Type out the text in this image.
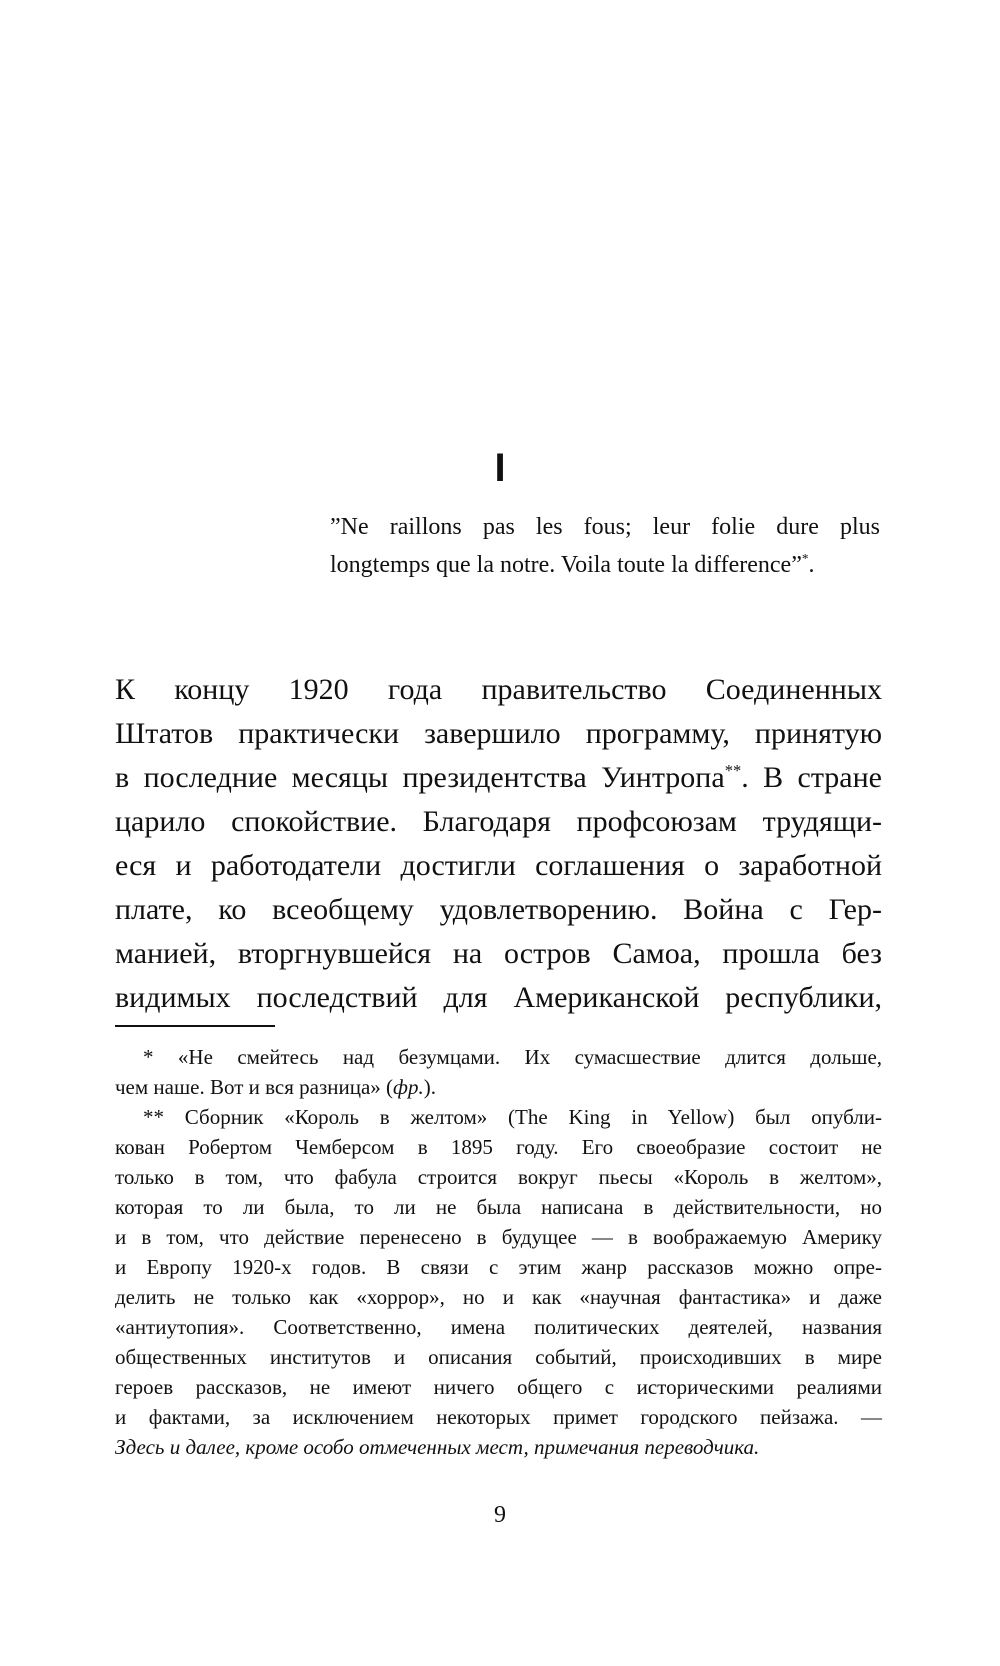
I
”Ne raillons pas les fous; leur folie dure plus
longtemps que la notre. Voila toute la difference”*.
К концу 1920 года правительство Соединенных
Штатов практически завершило программу, принятую
в последние месяцы президентства Уинтропа**. В стране
царило спокойствие. Благодаря профсоюзам трудящи-
еся и работодатели достигли соглашения о заработной
плате, ко всеобщему удовлетворению. Война с Гер-
манией, вторгнувшейся на остров Самоа, прошла без
видимых последствий для Американской республики,
* «Не смейтесь над безумцами. Их сумасшествие длится дольше,
чем наше. Вот и вся разница» (фр.).
** Сборник «Король в желтом» (The King in Yellow) был опубли-
кован Робертом Чемберсом в 1895 году. Его своеобразие состоит не
только в том, что фабула строится вокруг пьесы «Король в желтом»,
которая то ли была, то ли не была написана в действительности, но
и в том, что действие перенесено в будущее — в воображаемую Америку
и Европу 1920-х годов. В связи с этим жанр рассказов можно опре-
делить не только как «хоррор», но и как «научная фантастика» и даже
«антиутопия». Соответственно, имена политических деятелей, названия
общественных институтов и описания событий, происходивших в мире
героев рассказов, не имеют ничего общего с историческими реалиями
и фактами, за исключением некоторых примет городского пейзажа. —
Здесь и далее, кроме особо отмеченных мест, примечания переводчика.
9
